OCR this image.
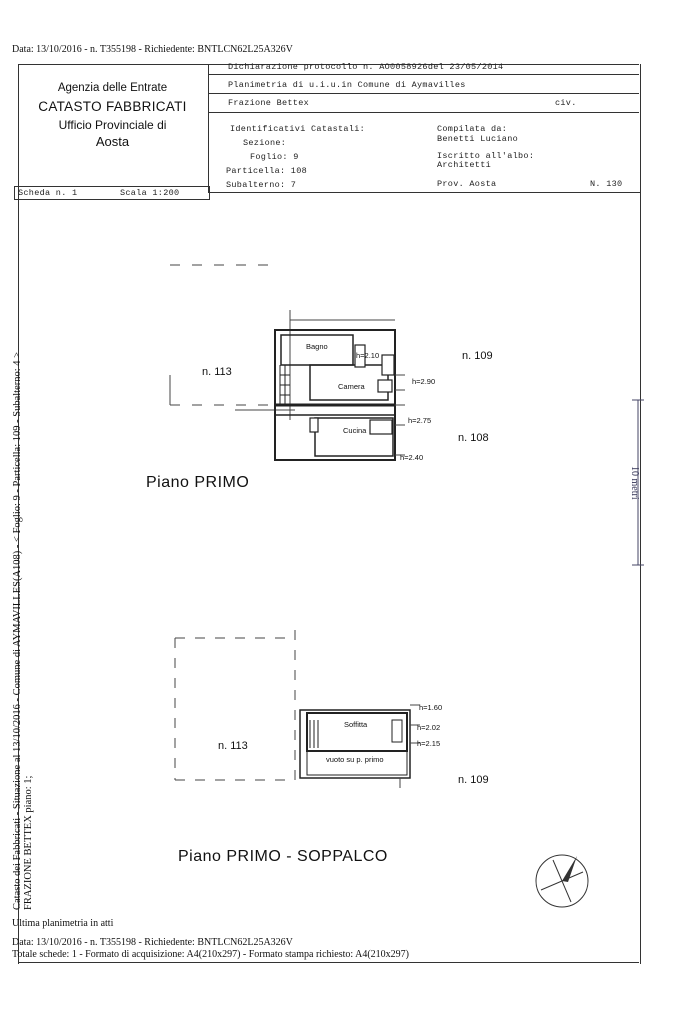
Data: 13/10/2016 - n. T355198 - Richiedente: BNTLCN62L25A326V
Agenzia delle Entrate
CATASTO FABBRICATI
Ufficio Provinciale di
Aosta
Dichiarazione protocollo n. AO0058926del 23/05/2014
Planimetria di u.i.u.in Comune di Aymavilles
Frazione Bettex	civ.
Identificativi Catastali:
Sezione:
Foglio: 9
Particella: 108
Subalterno: 7
Compilata da:
Benetti Luciano
Iscritto all'albo:
Architetti
Prov. Aosta	N. 130
Scheda n. 1	Scala 1:200
Catasto dei Fabbricati - Situazione al 13/10/2016 - Comune di AYMAVILLES(A108) - < Foglio: 9 - Particella: 109 - Subalterno: 4 > FRAZIONE BETTEX piano: 1;
10 metri
n. 113
n. 109
n. 108
Bagno
Camera
Cucina
h=2.10
h=2.90
h=2.75
h=2.40
Piano PRIMO
n. 113
n. 109
Soffitta
vuoto su p. primo
h=1.60
h=2.02
h=2.15
Piano PRIMO - SOPPALCO
Ultima planimetria in atti
Data: 13/10/2016 - n. T355198 - Richiedente: BNTLCN62L25A326V
Totale schede: 1 - Formato di acquisizione: A4(210x297) - Formato stampa richiesto: A4(210x297)
